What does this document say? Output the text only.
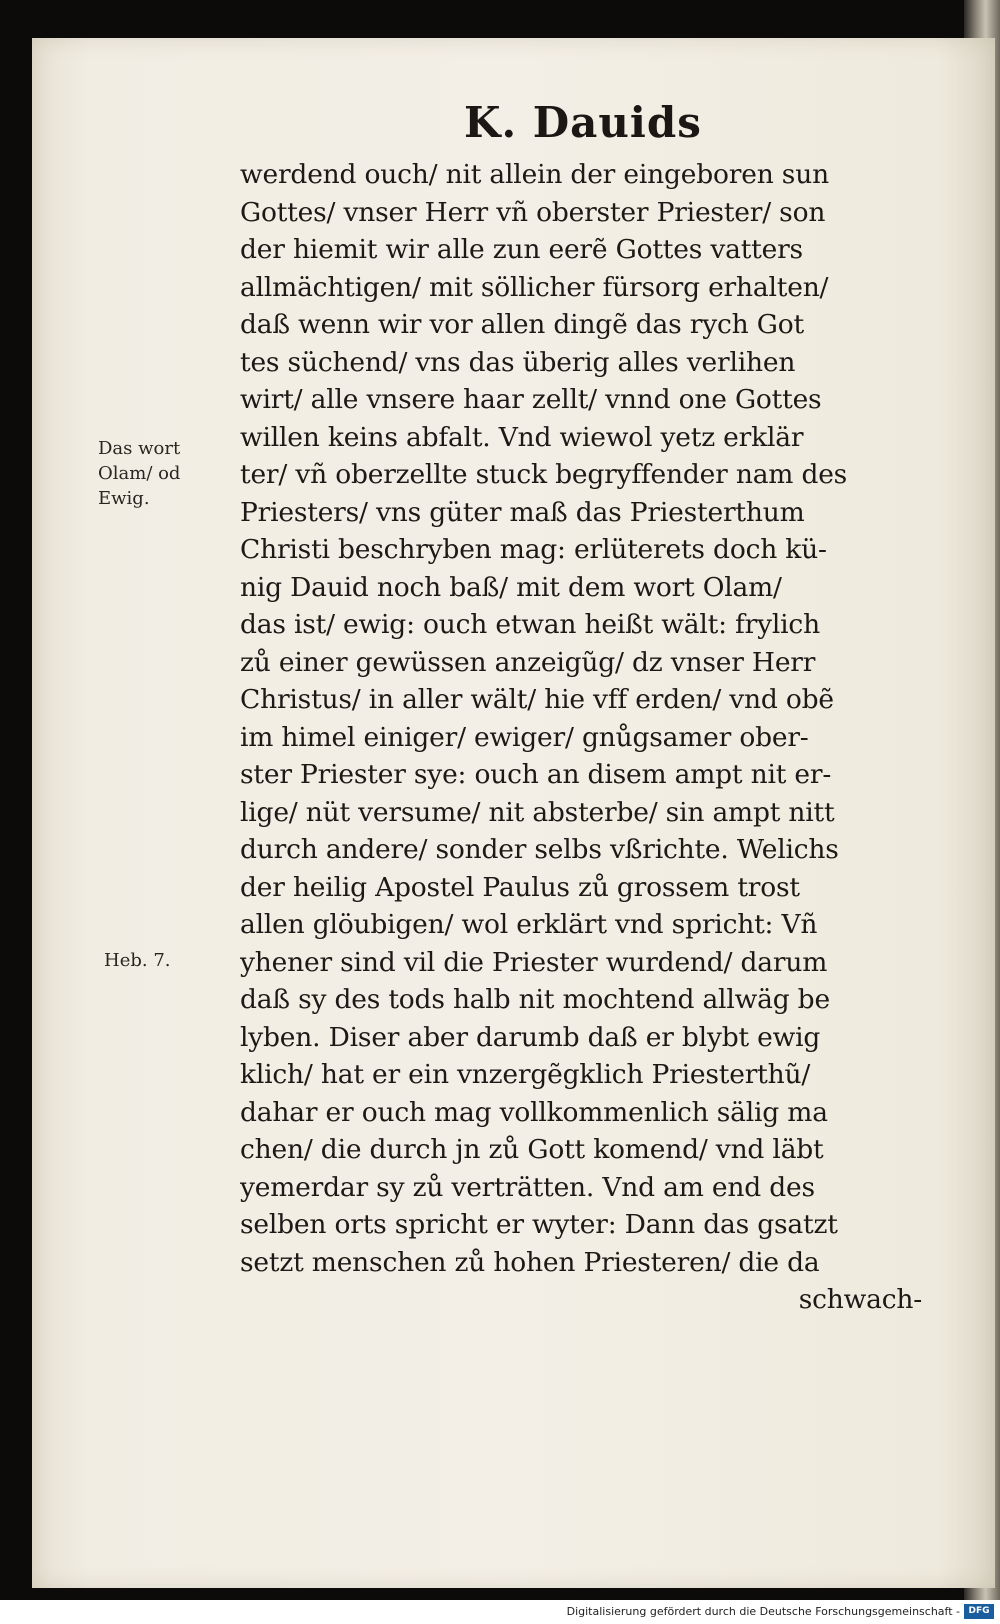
K. Dauids
werdend ouch/ nit allein der eingeboren sun
Gottes/ vnser Herr vñ oberster Priester/ son
der hiemit wir alle zun eerẽ Gottes vatters
allmächtigen/ mit söllicher fürsorg erhalten/
daß wenn wir vor allen dingẽ das rych Got
tes süchend/ vns das überig alles verlihen
wirt/ alle vnsere haar zellt/ vnnd one Gottes
willen keins abfalt. Vnd wiewol yetz erklär
ter/ vñ oberzellte stuck begryffender nam des
Priesters/ vns güter maß das Priesterthum
Christi beschryben mag: erlüterets doch kü-
nig Dauid noch baß/ mit dem wort Olam/
das ist/ ewig: ouch etwan heißt wält: frylich
zů einer gewüssen anzeigũg/ dz vnser Herr
Christus/ in aller wält/ hie vff erden/ vnd obẽ
im himel einiger/ ewiger/ gnůgsamer ober-
ster Priester sye: ouch an disem ampt nit er-
lige/ nüt versume/ nit absterbe/ sin ampt nitt
durch andere/ sonder selbs vßrichte. Welichs
der heilig Apostel Paulus zů grossem trost
allen glöubigen/ wol erklärt vnd spricht: Vñ
yhener sind vil die Priester wurdend/ darum
daß sy des tods halb nit mochtend allwäg be
lyben. Diser aber darumb daß er blybt ewig
klich/ hat er ein vnzergẽgklich Priesterthũ/
dahar er ouch mag vollkommenlich sälig ma
chen/ die durch jn zů Gott komend/ vnd läbt
yemerdar sy zů verträtten. Vnd am end des
selben orts spricht er wyter: Dann das gsatzt
setzt menschen zů hohen Priesteren/ die da
schwach-
Das wort
Olam/ od
Ewig.
Heb. 7.
Digitalisierung gefördert durch die Deutsche Forschungsgemeinschaft - DFG
